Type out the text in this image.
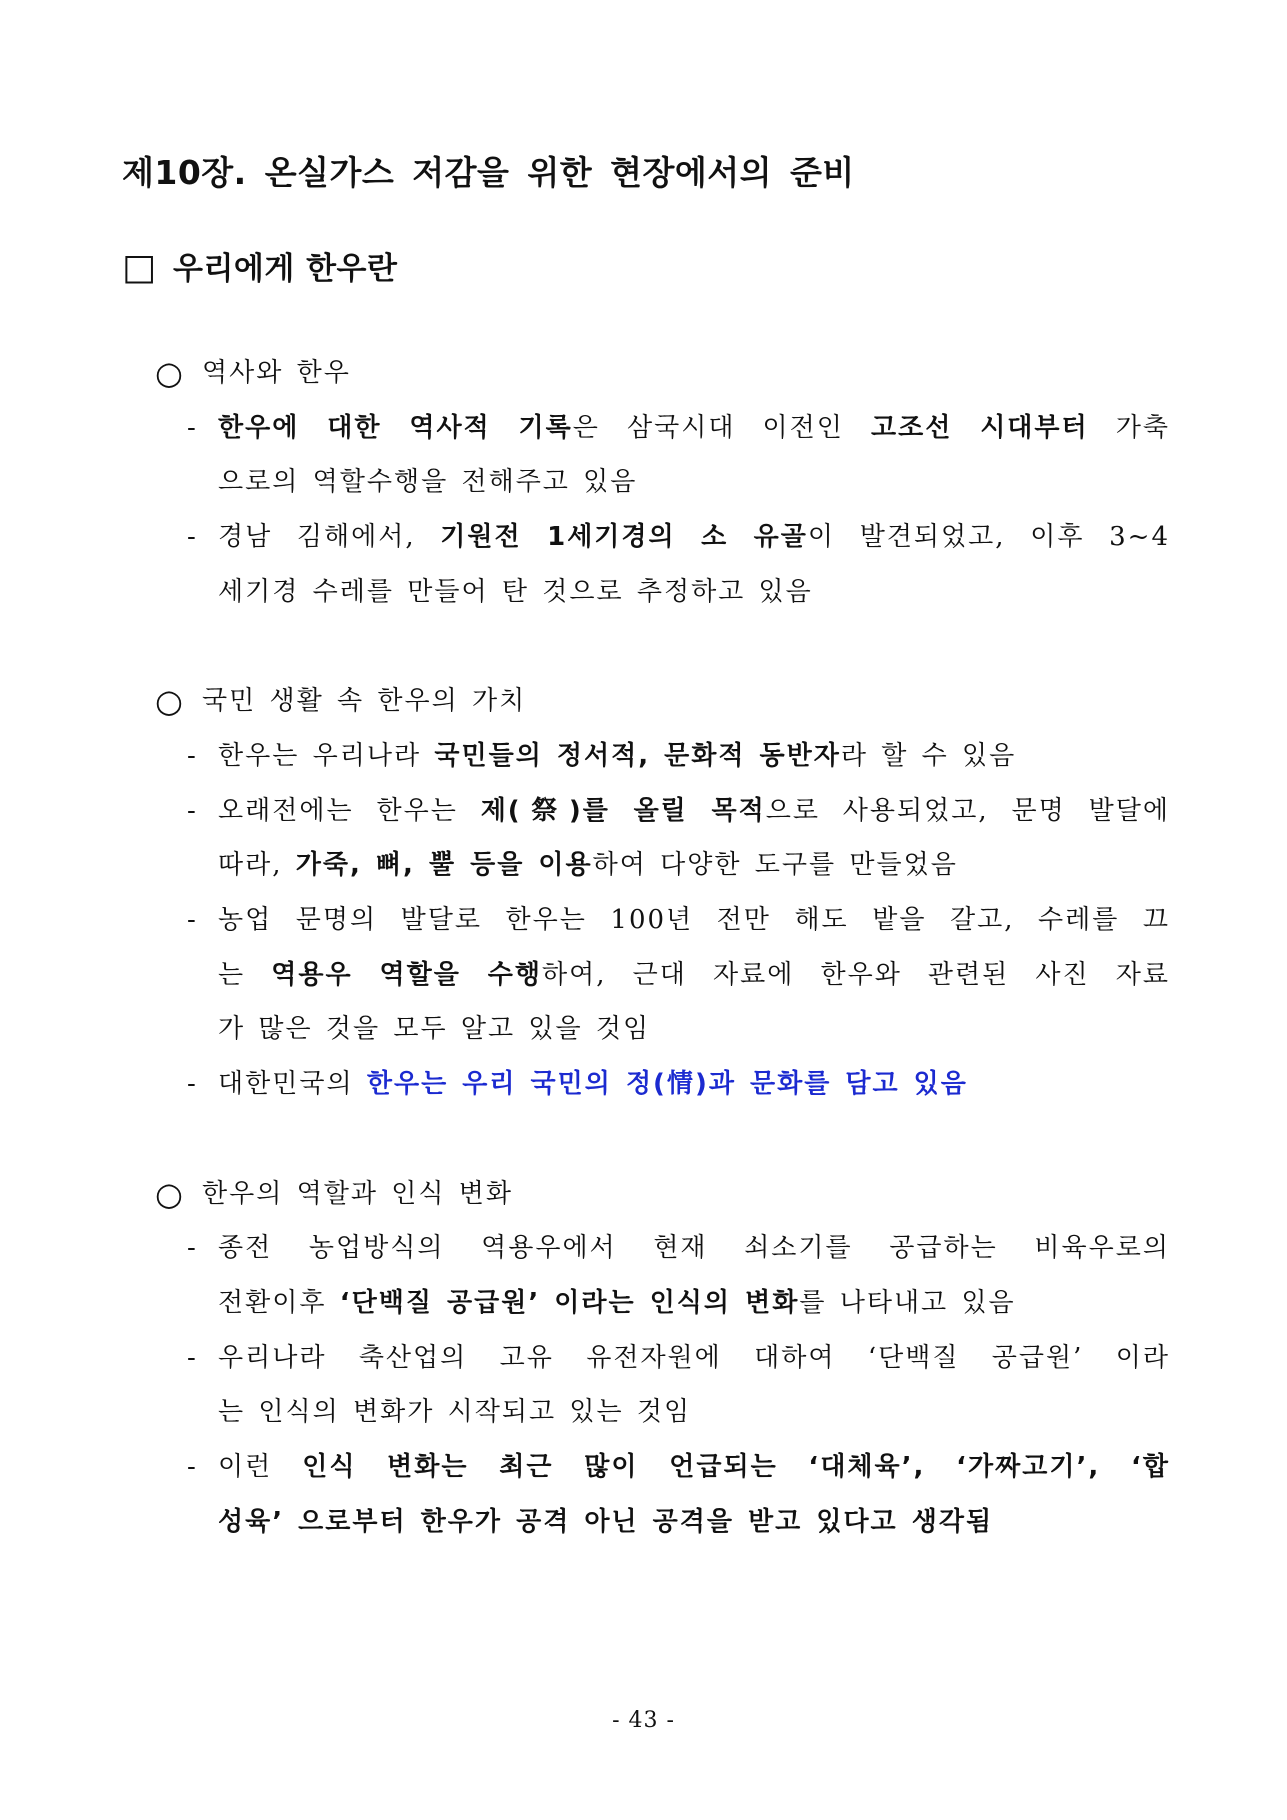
제10장. 온실가스 저감을 위한 현장에서의 준비
□ 우리에게 한우란
○ 역사와 한우
- 한우에 대한 역사적 기록은 삼국시대 이전인 고조선 시대부터 가축
으로의 역할수행을 전해주고 있음
- 경남 김해에서, 기원전 1세기경의 소 유골이 발견되었고, 이후 3~4
세기경 수레를 만들어 탄 것으로 추정하고 있음
○ 국민 생활 속 한우의 가치
- 한우는 우리나라 국민들의 정서적, 문화적 동반자라 할 수 있음
- 오래전에는 한우는 제(祭)를 올릴 목적으로 사용되었고, 문명 발달에
따라, 가죽, 뼈, 뿔 등을 이용하여 다양한 도구를 만들었음
- 농업 문명의 발달로 한우는 100년 전만 해도 밭을 갈고, 수레를 끄
는 역용우 역할을 수행하여, 근대 자료에 한우와 관련된 사진 자료
가 많은 것을 모두 알고 있을 것임
- 대한민국의 한우는 우리 국민의 정(情)과 문화를 담고 있음
○ 한우의 역할과 인식 변화
- 종전 농업방식의 역용우에서 현재 쇠소기를 공급하는 비육우로의
전환이후 ‘단백질 공급원’ 이라는 인식의 변화를 나타내고 있음
- 우리나라 축산업의 고유 유전자원에 대하여 ‘단백질 공급원’ 이라
는 인식의 변화가 시작되고 있는 것임
- 이런 인식 변화는 최근 많이 언급되는 ‘대체육’, ‘가짜고기’, ‘합
성육’ 으로부터 한우가 공격 아닌 공격을 받고 있다고 생각됨

- 43 -
